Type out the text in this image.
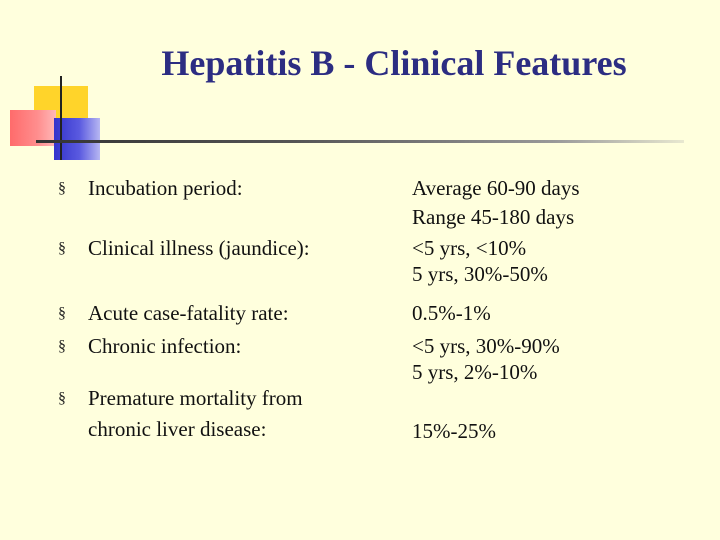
Hepatitis B - Clinical Features
§ Incubation period:	Average 60-90 days
Range 45-180 days
§ Clinical illness (jaundice):	<5 yrs, <10%
5 yrs, 30%-50%
§ Acute case-fatality rate:	0.5%-1%
§ Chronic infection:	<5 yrs, 30%-90%
5 yrs, 2%-10%
§ Premature mortality from
chronic liver disease:	15%-25%
